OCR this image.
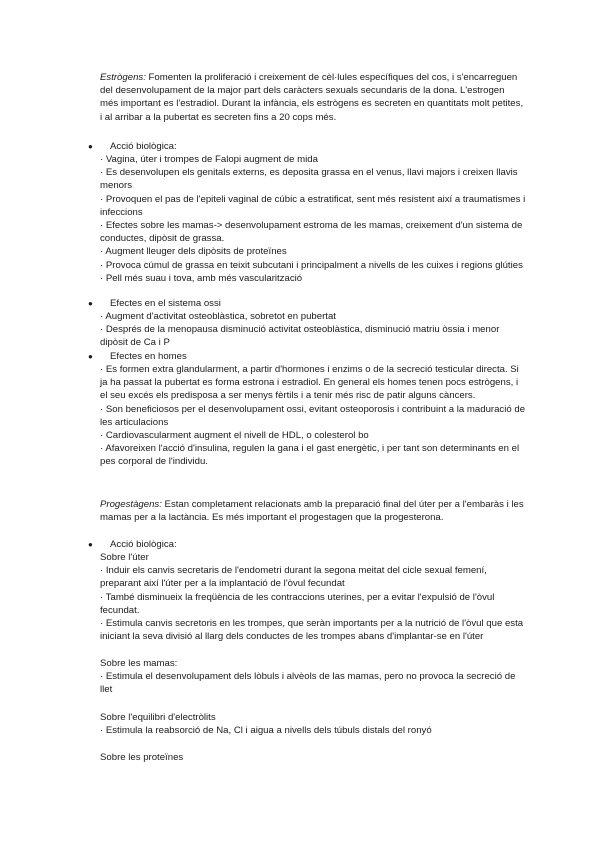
Estrògens: Fomenten la proliferació i creixement de cèl·lules específiques del cos, i s'encarreguen del desenvolupament de la major part dels caràcters sexuals secundaris de la dona. L'estrogen més important es l'estradiol. Durant la infància, els estrògens es secreten en quantitats molt petites, i al arribar a la pubertat es secreten fins a 20 cops més.
● Acció biològica:

· Vagina, úter i trompes de Falopi augment de mida

· Es desenvolupen els genitals externs, es deposita grassa en el venus, llavi majors i creixen llavis menors

· Provoquen el pas de l'epiteli vaginal de cúbic a estratificat, sent més resistent així a traumatismes i infeccions

· Efectes sobre les mamas-> desenvolupament estroma de les mamas, creixement d'un sistema de conductes, dipòsit de grassa.

· Augment lleuger dels dipòsits de proteïnes

· Provoca cúmul de grassa en teixit subcutani i principalment a nivells de les cuixes i regions glúties

· Pell més suau i tova, amb més vascularització

● Efectes en el sistema ossi

· Augment d'activitat osteoblàstica, sobretot en pubertat

· Després de la menopausa disminució activitat osteoblàstica, disminució matriu òssia i menor dipòsit de Ca i P

● Efectes en homes

· Es formen extra glandularment, a partir d'hormones i enzims o de la secreció testicular directa. Si ja ha passat la pubertat es forma estrona i estradiol. En general els homes tenen pocs estrògens, i el seu excés els predisposa a ser menys fèrtils i a tenir més risc de patir alguns càncers.

· Son beneficiosos per el desenvolupament ossi, evitant osteoporosis i contribuint a la maduració de les articulacions

· Cardiovascularment augment el nivell de HDL, o colesterol bo

· Afavoreixen l'acció d'insulina, regulen la gana i el gast energètic, i per tant son determinants en el pes corporal de l'individu.

Progestàgens: Estan completament relacionats amb la preparació final del úter per a l'embaràs i les mamas per a la lactància. Es més important el progestagen que la progesterona.
● Acció biològica:

Sobre l'úter

· Induir els canvis secretaris de l'endometri durant la segona meitat del cicle sexual femení, preparant així l'úter per a la implantació de l'òvul fecundat

· També disminueix la freqüència de les contraccions uterines, per a evitar l'expulsió de l'òvul fecundat.

· Estimula canvis secretoris en les trompes, que seràn importants per a la nutrició de l'òvul que esta iniciant la seva divisió al llarg dels conductes de les trompes abans d'implantar-se en l'úter

Sobre les mamas:

· Estimula el desenvolupament dels lòbuls i alvèols de las mamas, pero no provoca la secreció de llet

Sobre l'equilibri d'electròlits

· Estimula la reabsorció de Na, Cl i aigua a nivells dels túbuls distals del ronyó

Sobre les proteïnes
